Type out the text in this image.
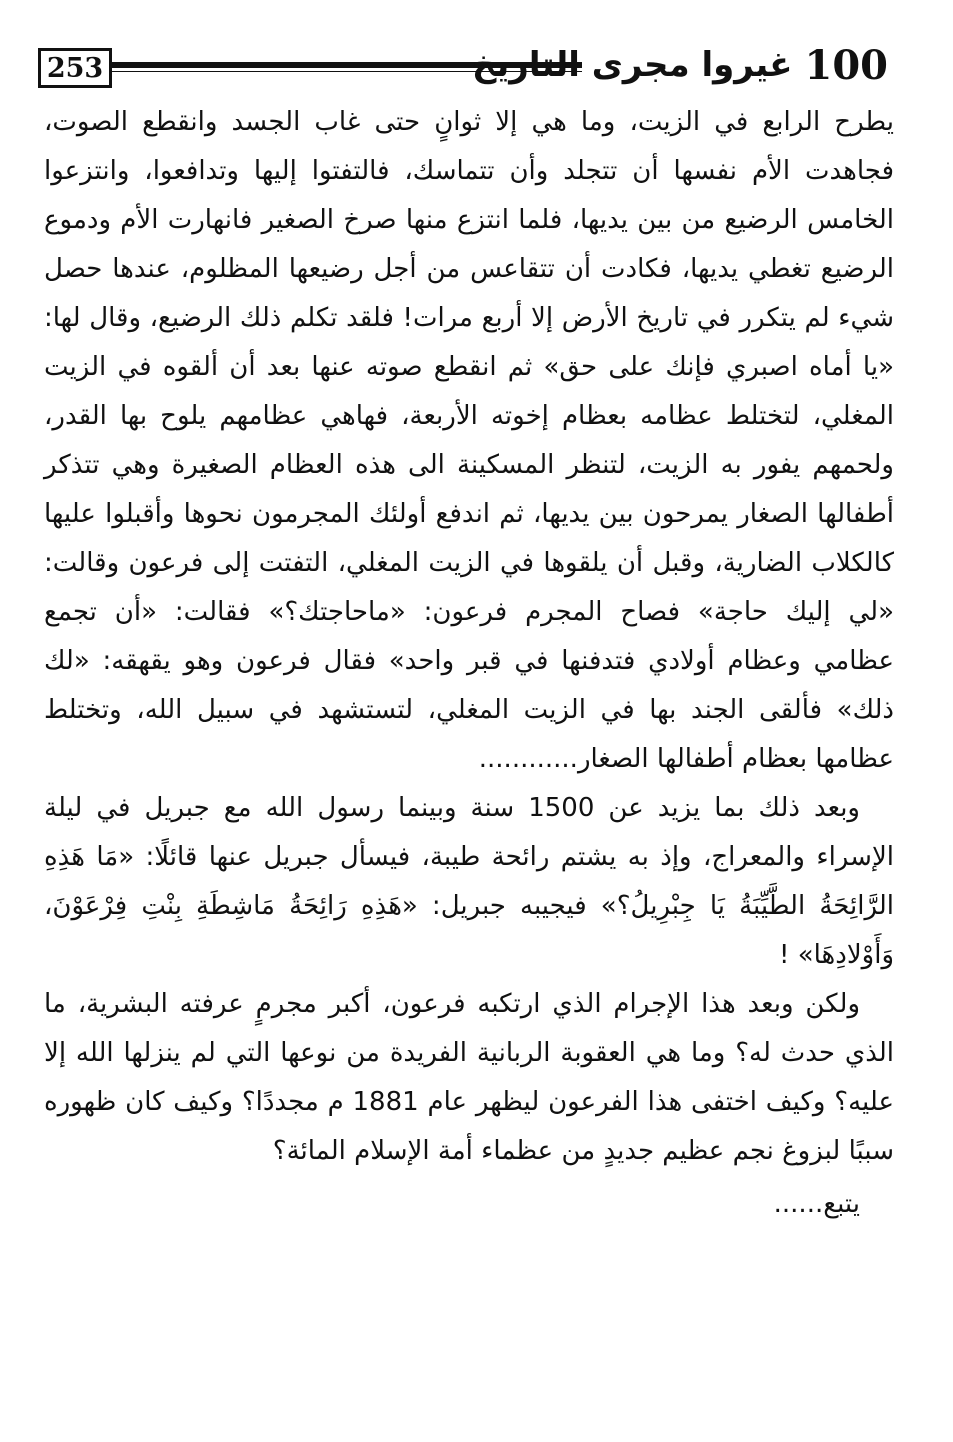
253	100
غيروا مجرى التاريخ

يطرح الرابع في الزيت، وما هي إلا ثوانٍ حتى غاب الجسد وانقطع الصوت، فجاهدت الأم نفسها أن تتجلد وأن تتماسك، فالتفتوا إليها وتدافعوا، وانتزعوا الخامس الرضيع من بين يديها، فلما انتزع منها صرخ الصغير فانهارت الأم ودموع الرضيع تغطي يديها، فكادت أن تتقاعس من أجل رضيعها المظلوم، عندها حصل شيء لم يتكرر في تاريخ الأرض إلا أربع مرات! فلقد تكلم ذلك الرضيع، وقال لها: «يا أماه اصبري فإنك على حق» ثم انقطع صوته عنها بعد أن ألقوه في الزيت المغلي، لتختلط عظامه بعظام إخوته الأربعة، فهاهي عظامهم يلوح بها القدر، ولحمهم يفور به الزيت، لتنظر المسكينة الى هذه العظام الصغيرة وهي تتذكر أطفالها الصغار يمرحون بين يديها، ثم اندفع أولئك المجرمون نحوها وأقبلوا عليها كالكلاب الضارية، وقبل أن يلقوها في الزيت المغلي، التفتت إلى فرعون وقالت: «لي إليك حاجة» فصاح المجرم فرعون: «ماحاجتك؟» فقالت: «أن تجمع عظامي وعظام أولادي فتدفنها في قبر واحد» فقال فرعون وهو يقهقه: «لك ذلك» فألقى الجند بها في الزيت المغلي، لتستشهد في سبيل الله، وتختلط عظامها بعظام أطفالها الصغار............

وبعد ذلك بما يزيد عن 1500 سنة وبينما رسول الله مع جبريل في ليلة الإسراء والمعراج، وإذ به يشتم رائحة طيبة، فيسأل جبريل عنها قائلًا: «مَا هَذِهِ الرَّائِحَةُ الطَّيِّبَةُ يَا جِبْرِيلُ؟» فيجيبه جبريل: «هَذِهِ رَائِحَةُ مَاشِطَةِ بِنْتِ فِرْعَوْنَ، وَأَوْلادِهَا» !

ولكن وبعد هذا الإجرام الذي ارتكبه فرعون، أكبر مجرمٍ عرفته البشرية، ما الذي حدث له؟ وما هي العقوبة الربانية الفريدة من نوعها التي لم ينزلها الله إلا عليه؟ وكيف اختفى هذا الفرعون ليظهر عام 1881 م مجددًا؟ وكيف كان ظهوره سببًا لبزوغ نجم عظيم جديدٍ من عظماء أمة الإسلام المائة؟

يتبع......
